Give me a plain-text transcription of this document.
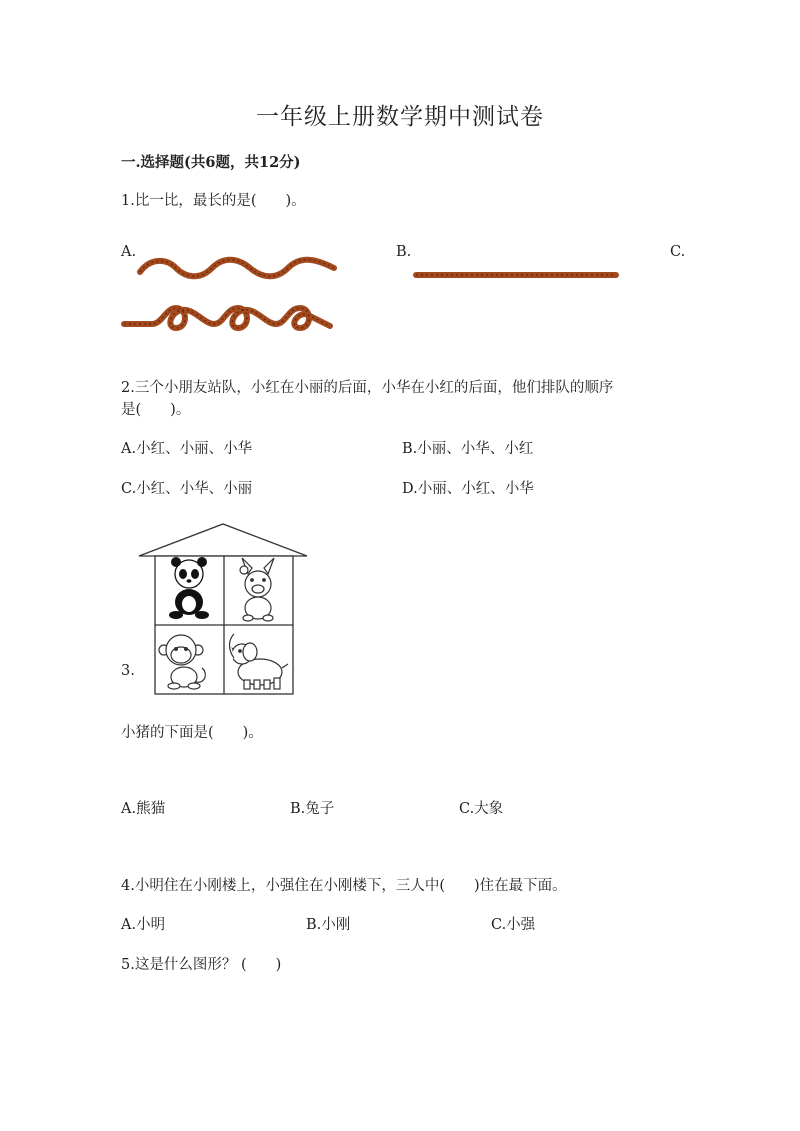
一年级上册数学期中测试卷
一.选择题(共6题，共12分)
1.比一比，最长的是(　　)。
A.	B.	C.
2.三个小朋友站队，小红在小丽的后面，小华在小红的后面，他们排队的顺序
是(　　)。
A.小红、小丽、小华	B.小丽、小华、小红
C.小红、小华、小丽	D.小丽、小红、小华
3.
小猪的下面是(　　)。
A.熊猫	B.兔子	C.大象
4.小明住在小刚楼上，小强住在小刚楼下，三人中(　　)住在最下面。
A.小明	B.小刚	C.小强
5.这是什么图形？ (　　)
